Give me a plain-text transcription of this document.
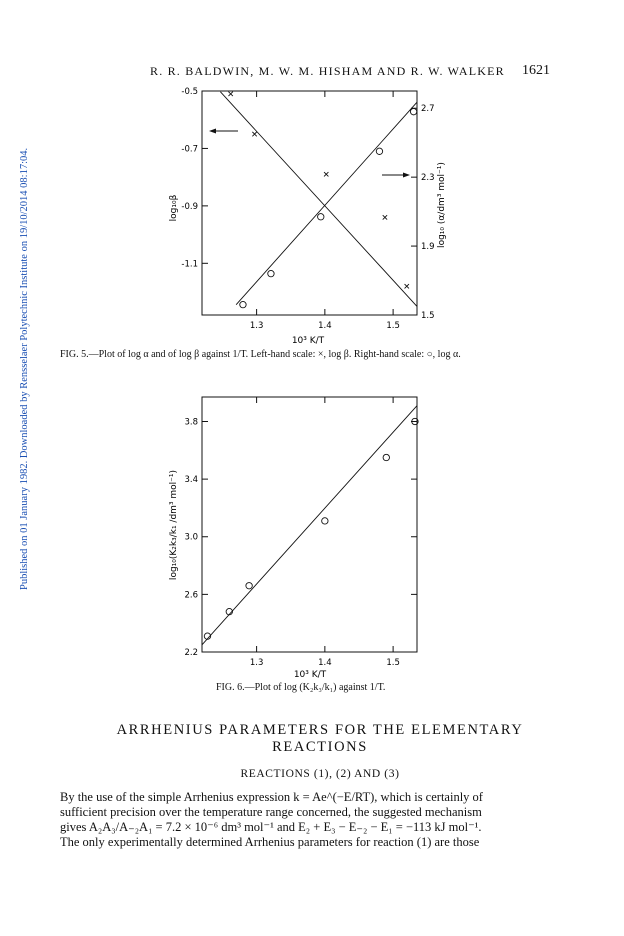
R. R. BALDWIN, M. W. M. HISHAM AND R. W. WALKER 1621
Published on 01 January 1982. Downloaded by Rensselaer Polytechnic Institute on 19/10/2014 08:17:04.	1.3	1.4	1.5
-0.5
-0.7
-0.9
-1.1
2.7
2.3
1.9
1.5
10³ K/T
log₁₀β	log₁₀ (α/dm³ mol⁻¹)
FIG. 5.—Plot of log α and of log β against 1/T. Left-hand scale: ×, log β. Right-hand scale: ○, log α.
1.3	1.4	1.5
3.8
3.4
3.0
2.6
2.2
10³ K/T
log₁₀(K₂k₃/k₁ /dm³ mol⁻¹)
FIG. 6.—Plot of log (K₂k₃/k₁) against 1/T.
ARRHENIUS PARAMETERS FOR THE ELEMENTARY
REACTIONS
REACTIONS (1), (2) AND (3)
By the use of the simple Arrhenius expression k = Ae^(−E/RT), which is certainly of
sufficient precision over the temperature range concerned, the suggested mechanism
gives A₂A₃/A₋₂A₁ = 7.2 × 10⁻⁶ dm³ mol⁻¹ and E₂ + E₃ − E₋₂ − E₁ = −113 kJ mol⁻¹.
The only experimentally determined Arrhenius parameters for reaction (1) are those
